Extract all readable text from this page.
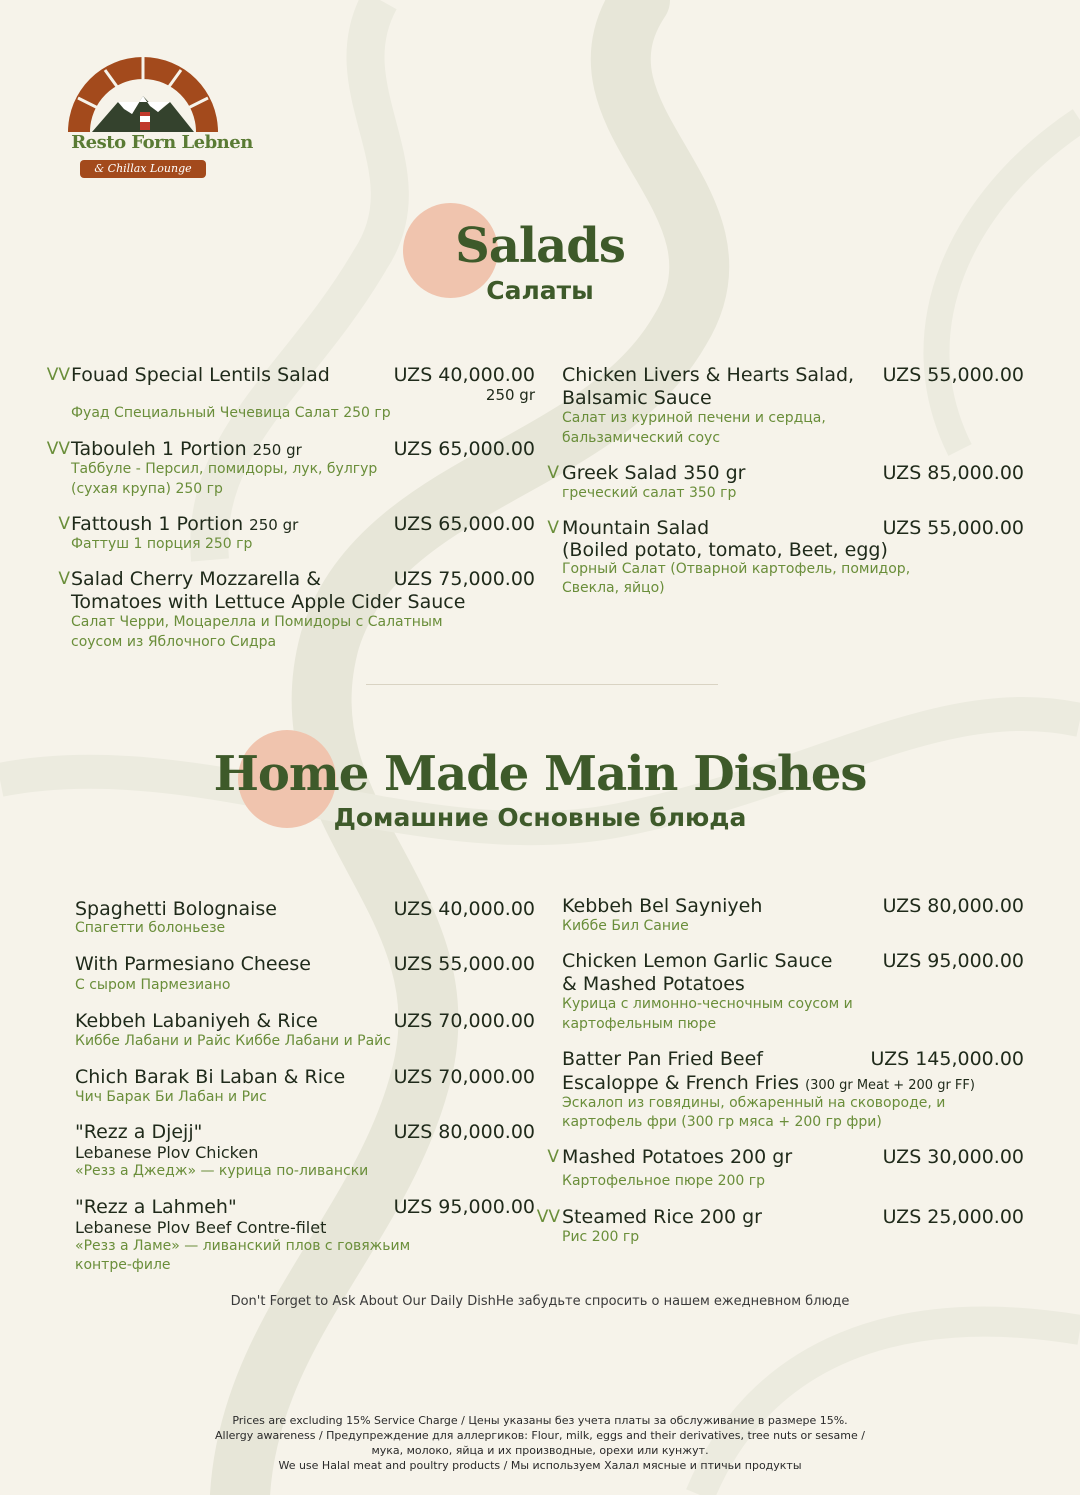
Resto Forn Lebnen
& Chillax Lounge
Salads
Салаты
VV Fouad Special Lentils Salad	UZS 40,000.00
250 gr
Фуад Специальный Чечевица Салат 250 гр
VV Tabouleh 1 Portion 250 gr	UZS 65,000.00
Таббуле - Персил, помидоры, лук, булгур
(сухая крупа) 250 гр
V Fattoush 1 Portion 250 gr	UZS 65,000.00
Фаттуш 1 порция 250 гр
V Salad Cherry Mozzarella &	UZS 75,000.00
Tomatoes with Lettuce Apple Cider Sauce
Салат Черри, Моцарелла и Помидоры с Салатным
соусом из Яблочного Сидра
Chicken Livers & Hearts Salad, UZS 55,000.00
Balsamic Sauce
Салат из куриной печени и сердца,
бальзамический соус
V Greek Salad 350 gr	UZS 85,000.00
греческий салат 350 гр
V Mountain Salad	UZS 55,000.00
(Boiled potato, tomato, Beet, egg)
Горный Салат (Отварной картофель, помидор,
Свекла, яйцо)
Home Made Main Dishes
Домашние Основные блюда
Spaghetti Bolognaise	UZS 40,000.00
Спагетти болоньезе
With Parmesiano Cheese	UZS 55,000.00
С сыром Пармезиано
Kebbeh Labaniyeh & Rice	UZS 70,000.00
Киббе Лабани и Райс Киббе Лабани и Райс
Chich Barak Bi Laban & Rice	UZS 70,000.00
Чич Барак Би Лабан и Рис
"Rezz a Djejj"	UZS 80,000.00
Lebanese Plov Chicken
«Резз а Джедж» — курица по-ливански
"Rezz a Lahmeh"	UZS 95,000.00
Lebanese Plov Beef Contre-filet
«Резз а Ламе» — ливанский плов с говяжьим
контре-филе
Kebbeh Bel Sayniyeh	UZS 80,000.00
Киббе Бил Сание
Chicken Lemon Garlic Sauce	UZS 95,000.00
& Mashed Potatoes
Курица с лимонно-чесночным соусом и
картофельным пюре
Batter Pan Fried Beef	UZS 145,000.00
Escaloppe & French Fries (300 gr Meat + 200 gr FF)
Эскалоп из говядины, обжаренный на сковороде, и
картофель фри (300 гр мяса + 200 гр фри)
V Mashed Potatoes 200 gr	UZS 30,000.00
Картофельное пюре 200 гр
VV Steamed Rice 200 gr	UZS 25,000.00
Рис 200 гр
Don't Forget to Ask About Our Daily DishНе забудьте спросить о нашем ежедневном блюде
Prices are excluding 15% Service Charge / Цены указаны без учета платы за обслуживание в размере 15%.
Allergy awareness / Предупреждение для аллергиков: Flour, milk, eggs and their derivatives, tree nuts or sesame /
мука, молоко, яйца и их производные, орехи или кунжут.
We use Halal meat and poultry products / Мы используем Халал мясные и птичьи продукты
